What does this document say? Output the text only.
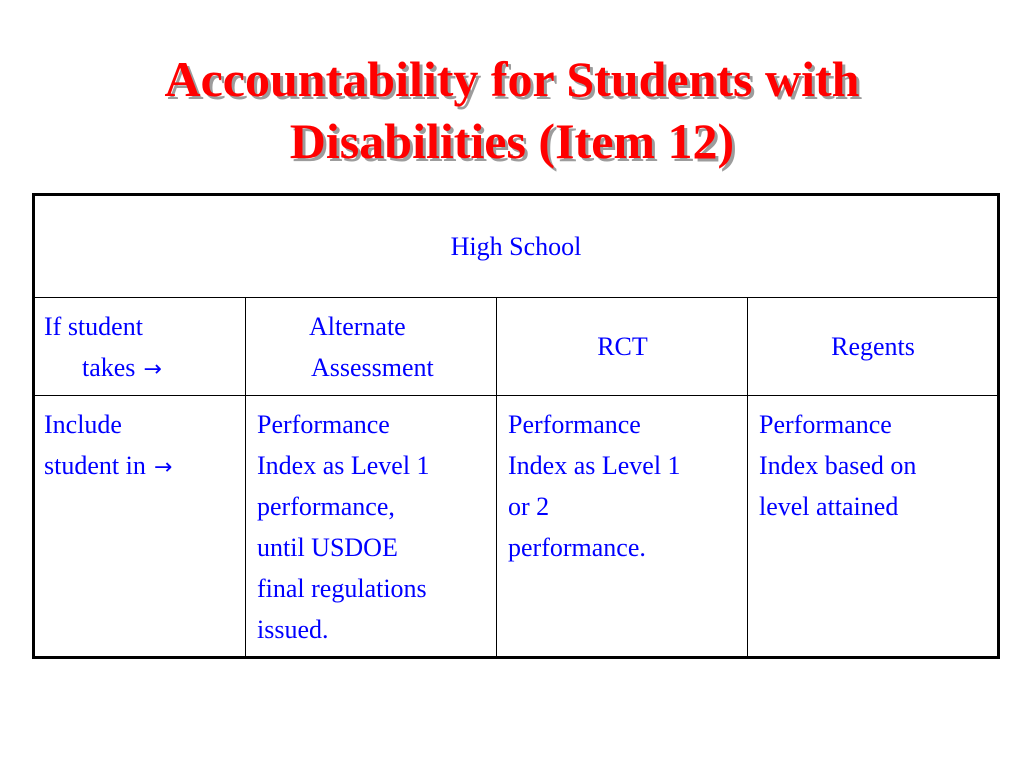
Accountability for Students with
Disabilities (Item 12)
High School
If student
takes →
Alternate
Assessment
RCT	Regents
Include
student in →
Performance
Index as Level 1
performance,
until USDOE
final regulations
issued.
Performance
Index as Level 1
or 2
performance.
Performance
Index based on
level attained
